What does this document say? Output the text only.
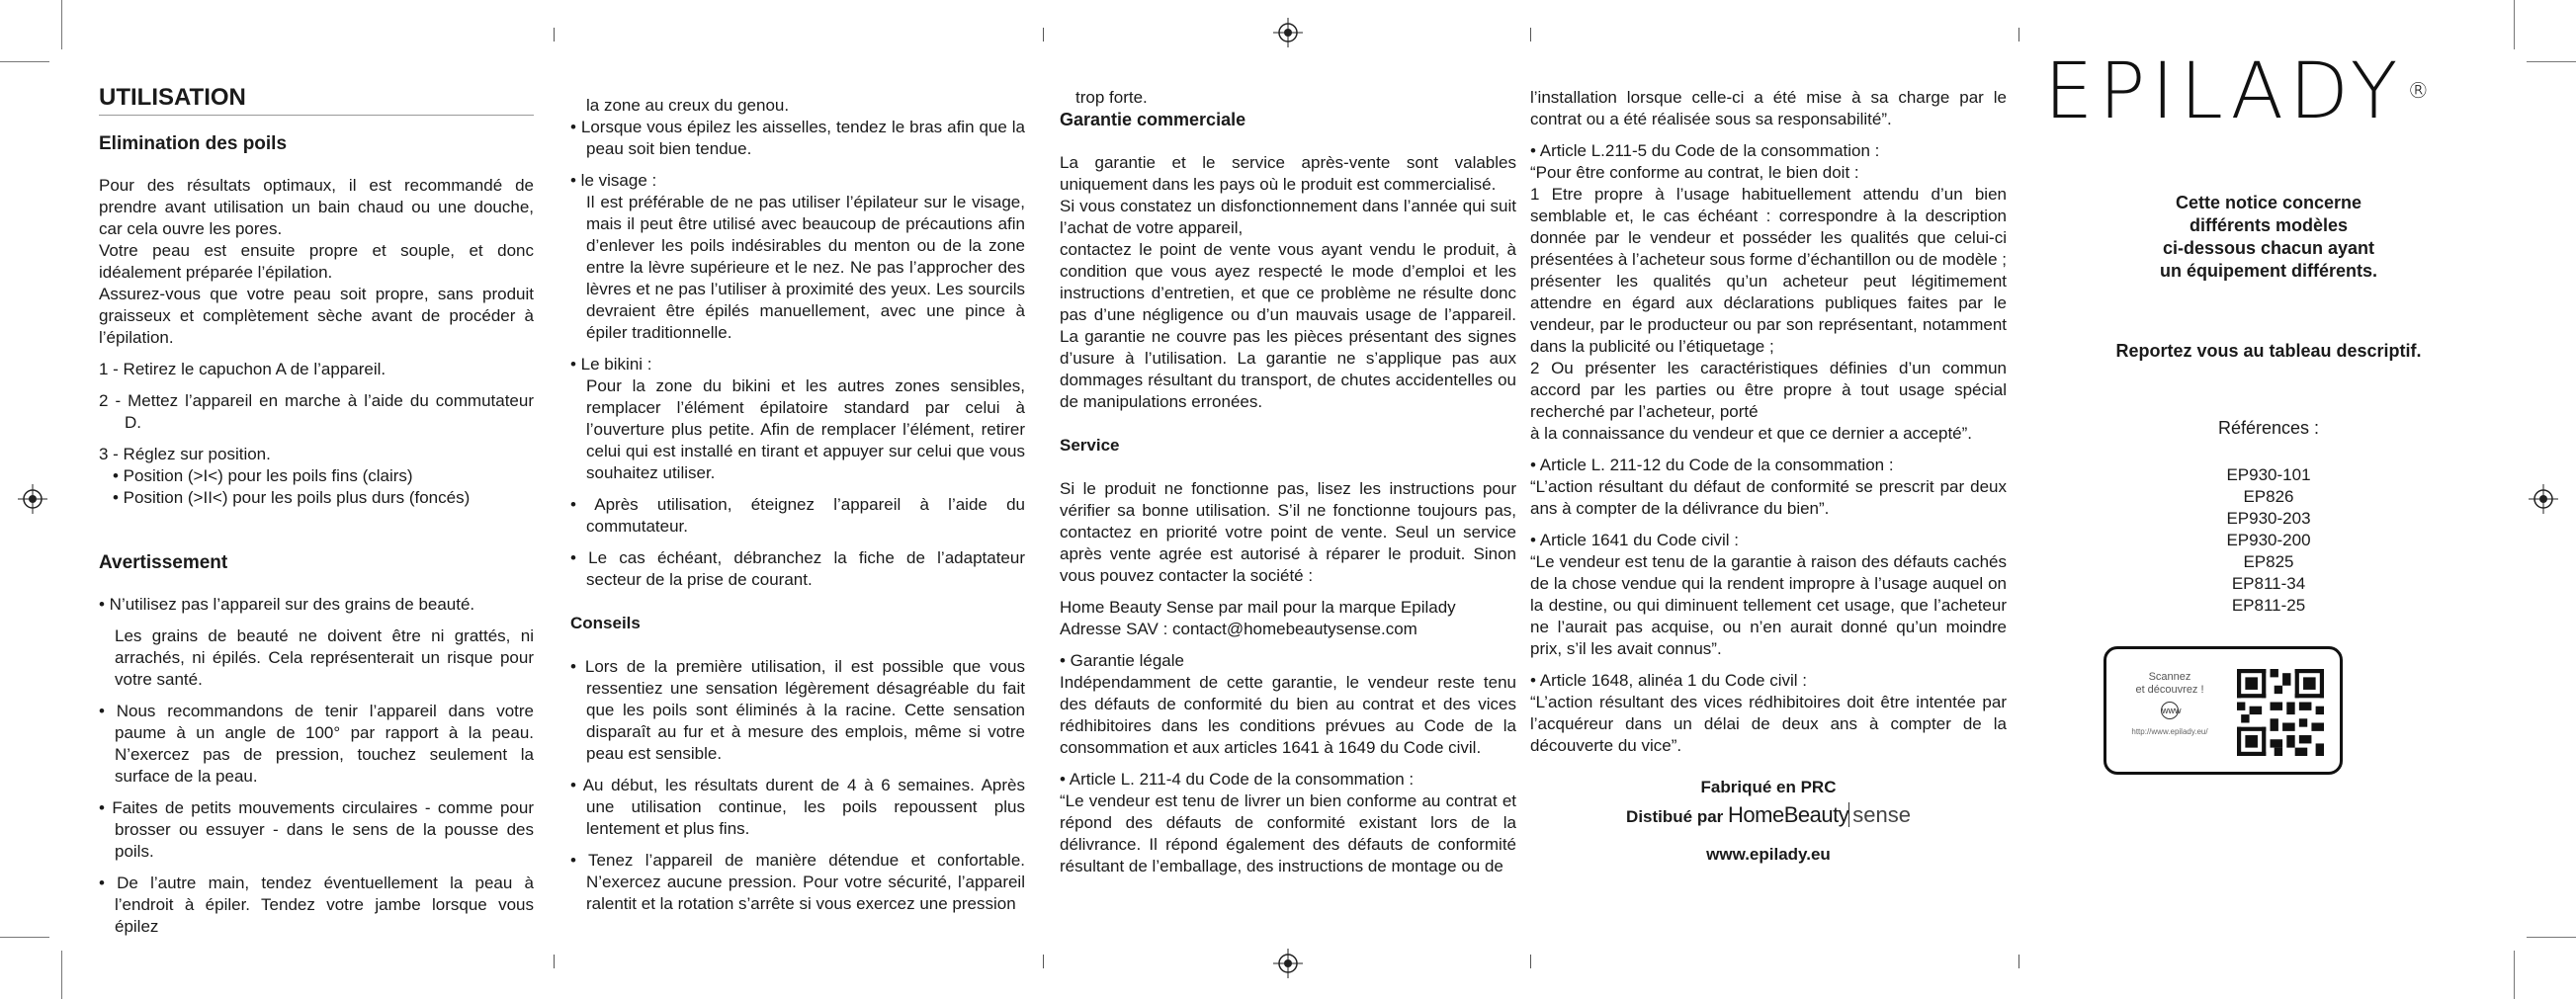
UTILISATION
Elimination des poils

Pour des résultats optimaux, il est recommandé de prendre avant utilisation un bain chaud ou une douche, car cela ouvre les pores.

Votre peau est ensuite propre et souple, et donc idéalement préparée l’épilation.

Assurez-vous que votre peau soit propre, sans produit graisseux et complètement sèche avant de procéder à l’épilation.

1 - Retirez le capuchon A de l’appareil.

2 - Mettez l’appareil en marche à l’aide du commutateur D.

3 - Réglez sur position.

• Position (>I<) pour les poils fins (clairs)

• Position (>II<) pour les poils plus durs (foncés)

Avertissement

• N’utilisez pas l’appareil sur des grains de beauté.

Les grains de beauté ne doivent être ni grattés, ni arrachés, ni épilés. Cela représenterait un risque pour votre santé.

• Nous recommandons de tenir l’appareil dans votre paume à un angle de 100° par rapport à la peau. N’exercez pas de pression, touchez seulement la surface de la peau.

• Faites de petits mouvements circulaires - comme pour brosser ou essuyer - dans le sens de la pousse des poils.

• De l’autre main, tendez éventuellement la peau à l’endroit à épiler. Tendez votre jambe lorsque vous épilez

la zone au creux du genou.

• Lorsque vous épilez les aisselles, tendez le bras afin que la peau soit bien tendue.

• le visage :

Il est préférable de ne pas utiliser l’épilateur sur le visage, mais il peut être utilisé avec beaucoup de précautions afin d’enlever les poils indésirables du menton ou de la zone entre la lèvre supérieure et le nez. Ne pas l’approcher des lèvres et ne pas l’utiliser à proximité des yeux. Les sourcils devraient être épilés manuellement, avec une pince à épiler traditionnelle.

• Le bikini :

Pour la zone du bikini et les autres zones sensibles, remplacer l’élément épilatoire standard par celui à l’ouverture plus petite. Afin de remplacer l’élément, retirer celui qui est installé en tirant et appuyer sur celui que vous souhaitez utiliser.

• Après utilisation, éteignez l’appareil à l’aide du commutateur.

• Le cas échéant, débranchez la fiche de l’adaptateur secteur de la prise de courant.

Conseils

• Lors de la première utilisation, il est possible que vous ressentiez une sensation légèrement désagréable du fait que les poils sont éliminés à la racine. Cette sensation disparaît au fur et à mesure des emplois, même si votre peau est sensible.

• Au début, les résultats durent de 4 à 6 semaines. Après une utilisation continue, les poils repoussent plus lentement et plus fins.

• Tenez l’appareil de manière détendue et confortable. N’exercez aucune pression. Pour votre sécurité, l’appareil ralentit et la rotation s’arrête si vous exercez une pression

trop forte.

Garantie commerciale

La garantie et le service après-vente sont valables uniquement dans les pays où le produit est commercialisé.

Si vous constatez un disfonctionnement dans l’année qui suit l’achat de votre appareil,

contactez le point de vente vous ayant vendu le produit, à condition que vous ayez respecté le mode d’emploi et les instructions d’entretien, et que ce problème ne résulte donc pas d’une négligence ou d’un mauvais usage de l’appareil. La garantie ne couvre pas les pièces présentant des signes d’usure à l’utilisation. La garantie ne s’applique pas aux dommages résultant du transport, de chutes accidentelles ou de manipulations erronées.

Service

Si le produit ne fonctionne pas, lisez les instructions pour vérifier sa bonne utilisation. S’il ne fonctionne toujours pas, contactez en priorité votre point de vente. Seul un service après vente agrée est autorisé à réparer le produit. Sinon vous pouvez contacter la société :

Home Beauty Sense par mail pour la marque Epilady

Adresse SAV : contact@homebeautysense.com

• Garantie légale

Indépendamment de cette garantie, le vendeur reste tenu des défauts de conformité du bien au contrat et des vices rédhibitoires dans les conditions prévues au Code de la consommation et aux articles 1641 à 1649 du Code civil.

• Article L. 211-4 du Code de la consommation :

“Le vendeur est tenu de livrer un bien conforme au contrat et répond des défauts de conformité existant lors de la délivrance. Il répond également des défauts de conformité résultant de l’emballage, des instructions de montage ou de

l’installation lorsque celle-ci a été mise à sa charge par le contrat ou a été réalisée sous sa responsabilité”.

• Article L.211-5 du Code de la consommation :

“Pour être conforme au contrat, le bien doit :

1 Etre propre à l’usage habituellement attendu d’un bien semblable et, le cas échéant : correspondre à la description donnée par le vendeur et posséder les qualités que celui-ci présentées à l’acheteur sous forme d’échantillon ou de modèle ; présenter les qualités qu’un acheteur peut légitimement attendre en égard aux déclarations publiques faites par le vendeur, par le producteur ou par son représentant, notamment dans la publicité ou l’étiquetage ;

2 Ou présenter les caractéristiques définies d’un commun accord par les parties ou être propre à tout usage spécial recherché par l’acheteur, porté

à la connaissance du vendeur et que ce dernier a accepté”.

• Article L. 211-12 du Code de la consommation :

“L’action résultant du défaut de conformité se prescrit par deux ans à compter de la délivrance du bien”.

• Article 1641 du Code civil :

“Le vendeur est tenu de la garantie à raison des défauts cachés de la chose vendue qui la rendent impropre à l’usage auquel on la destine, ou qui diminuent tellement cet usage, que l’acheteur ne l’aurait pas acquise, ou n’en aurait donné qu’un moindre prix, s’il les avait connus”.

• Article 1648, alinéa 1 du Code civil :

“L’action résultant des vices rédhibitoires doit être intentée par l’acquéreur dans un délai de deux ans à compter de la découverte du vice”.

Fabriqué en PRC
Distibué par HomeBeauty sense
www.epilady.eu
EPILADY ®
Cette notice concerne
différents modèles
ci-dessous chacun ayant
un équipement différents.
Reportez vous au tableau descriptif.
Références :
EP930-101
EP826
EP930-203
EP930-200
EP825
EP811-34
EP811-25
Scannez
et découvrez !
www
http://www.epilady.eu/
